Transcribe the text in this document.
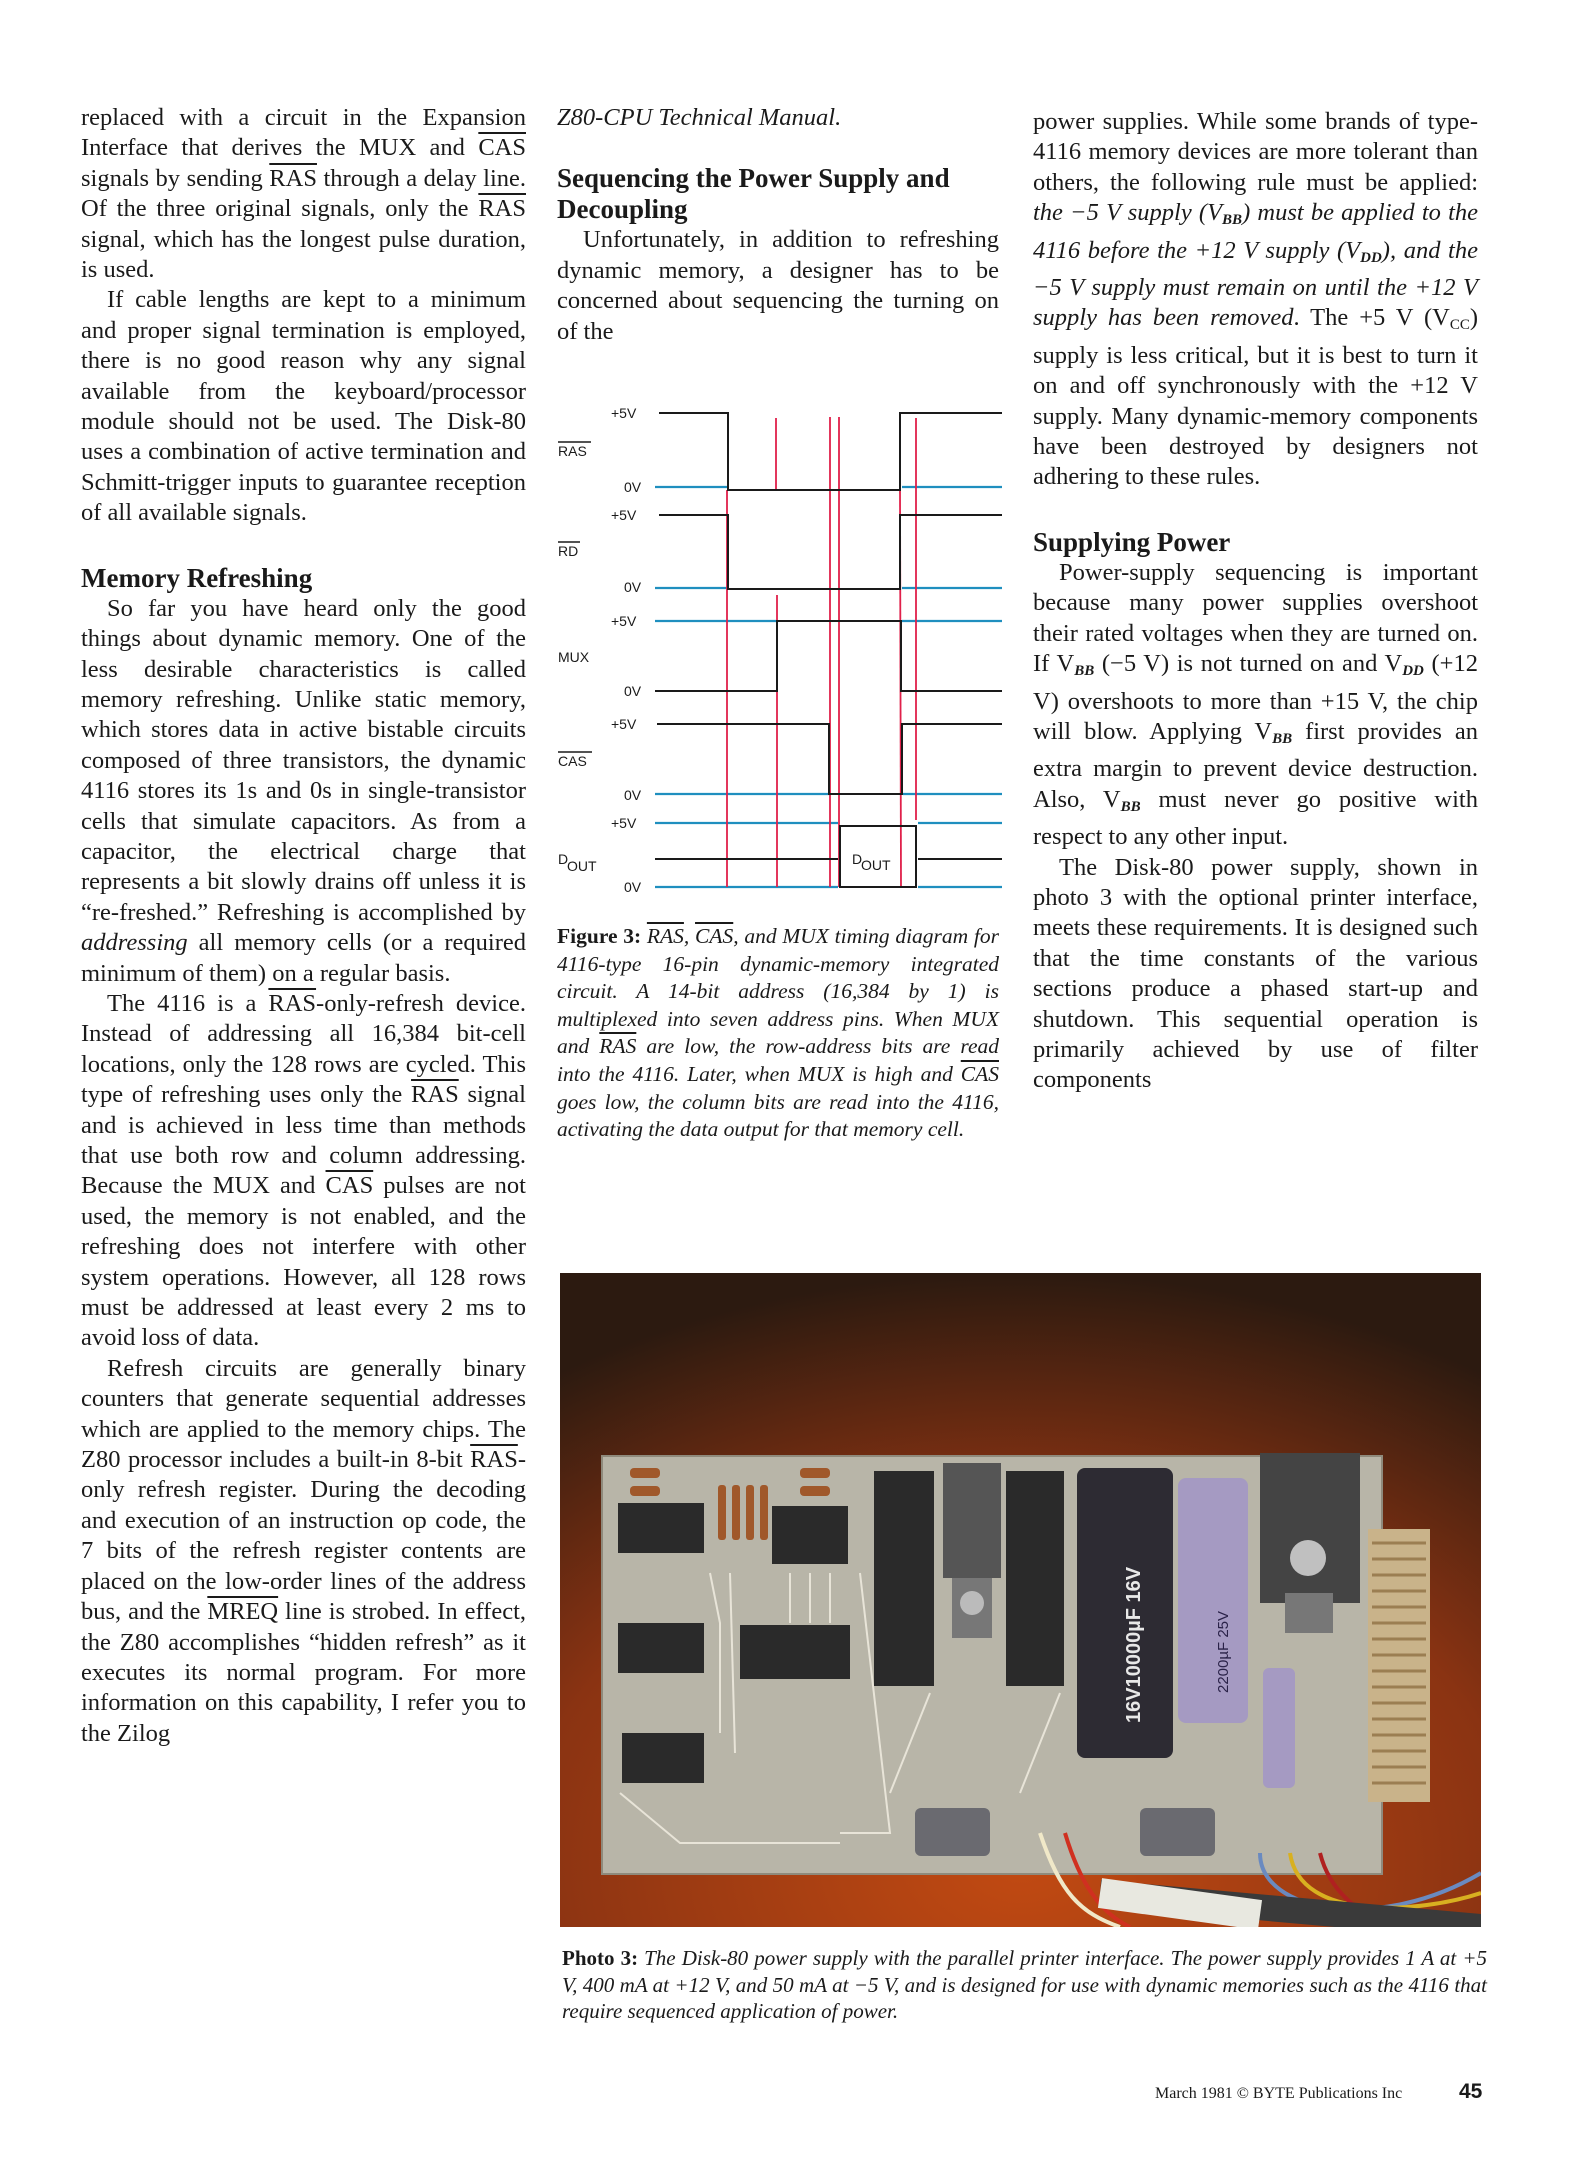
replaced with a circuit in the Expansion Interface that derives the MUX and $\overline{CAS}$ signals by sending $\overline{RAS}$ through a delay line. Of the three original signals, only the $\overline{RAS}$ signal, which has the longest pulse duration, is used.

If cable lengths are kept to a minimum and proper signal termination is employed, there is no good reason why any signal available from the keyboard/processor module should not be used. The Disk-80 uses a combination of active termination and Schmitt-trigger inputs to guarantee reception of all available signals.

Memory Refreshing

So far you have heard only the good things about dynamic memory. One of the less desirable characteristics is called memory refreshing. Unlike static memory, which stores data in active bistable circuits composed of three transistors, the dynamic 4116 stores its 1s and 0s in single-transistor cells that simulate capacitors. As from a capacitor, the electrical charge that represents a bit slowly drains off unless it is “re-freshed.” Refreshing is accomplished by addressing all memory cells (or a required minimum of them) on a regular basis.

The 4116 is a $\overline{RAS}-only$-refresh device. Instead of addressing all 16,384 bit-cell locations, only the 128 rows are cycled. This type of refreshing uses only the $\overline{RAS}$ signal and is achieved in less time than methods that use both row and column addressing. Because the MUX and $\overline{CAS}$ pulses are not used, the memory is not enabled, and the refreshing does not interfere with other system operations. However, all 128 rows must be addressed at least every 2 ms to avoid loss of data.

Refresh circuits are generally binary counters that generate sequential addresses which are applied to the memory chips. The Z80 processor includes a built-in 8-bit $\overline{RAS}$-only refresh register. During the decoding and execution of an instruction op code, the 7 bits of the refresh register contents are placed on the low-order lines of the address bus, and the MREQ line is strobed. In effect, the Z80 accomplishes “hidden refresh” as it executes its normal program. For more information on this capability, I refer you to the Zilog

Z80-CPU Technical Manual.

Sequencing the Power Supply and Decoupling

Unfortunately, in addition to refreshing dynamic memory, a designer has to be concerned about sequencing the turning on of the

+5V
RAS
0V
+5V
RD
0V
+5V
MUX
0V
+5V
CAS
0V
+5V
D
OUT
0V
D
OUT
Figure 3: $\overline{RAS}$, $\overline{CAS}$, and MUX timing diagram for 4116-type 16-pin dynamic-memory integrated circuit. A 14-bit address (16,384 by 1) is multiplexed into seven address pins. When MUX and $\overline{RAS}$ are low, the row-address bits are read into the 4116. Later, when MUX is high and $\overline{CAS}$ goes low, the column bits are read into the 4116, activating the data output for that memory cell.

power supplies. While some brands of type-4116 memory devices are more tolerant than others, the following rule must be applied: the −5 V supply $(V_{BB})$ must be applied to the 4116 before the +12 V supply $(V_{DD})$, and the −5 V supply must remain on until the +12 V supply has been removed. The +5 V $(V_{CC})$ supply is less critical, but it is best to turn it on and off synchronously with the +12 V supply. Many dynamic-memory components have been destroyed by designers not adhering to these rules.

Supplying Power

Power-supply sequencing is important because many power supplies overshoot their rated voltages when they are turned on. If $V_{BB}$ (−5 V) is not turned on and $V_{DD}$ (+12 V) overshoots to more than +15 V, the chip will blow. Applying $V_{BB}$ first provides an extra margin to prevent device destruction. Also, $V_{BB}$ must never go positive with respect to any other input.

The Disk-80 power supply, shown in photo 3 with the optional printer interface, meets these requirements. It is designed such that the time constants of the various sections produce a phased start-up and shutdown. This sequential operation is primarily achieved by use of filter components

16V10000µF 16V	2200µF 25V
Photo 3: The Disk-80 power supply with the parallel printer interface. The power supply provides 1 A at +5 V, 400 mA at +12 V, and 50 mA at −5 V, and is designed for use with dynamic memories such as the 4116 that require sequenced application of power.
March 1981 © BYTE Publications Inc	45
